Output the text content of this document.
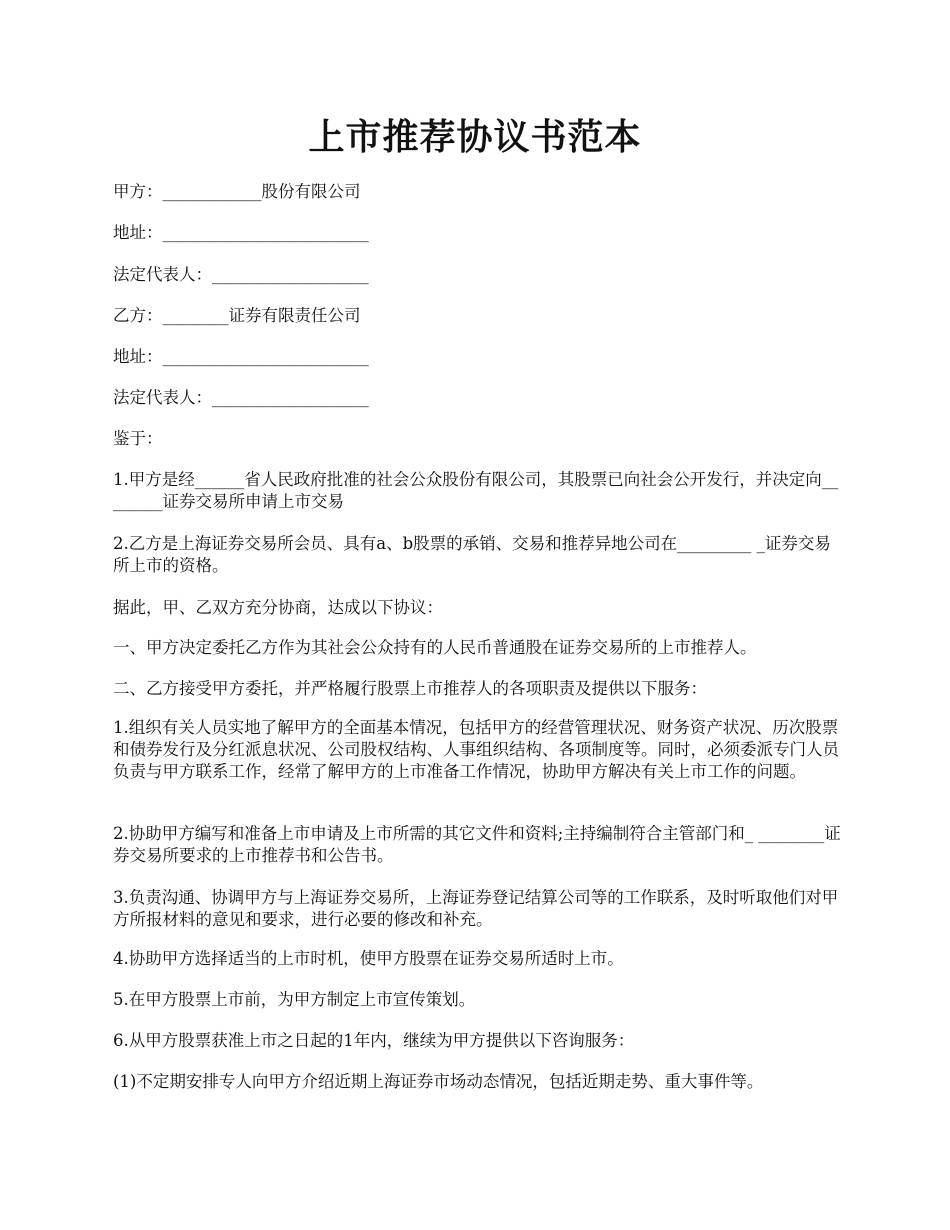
上市推荐协议书范本

甲方：____________股份有限公司

地址：_________________________

法定代表人：___________________

乙方：________证券有限责任公司

地址：_________________________

法定代表人：___________________

鉴于：

1.甲方是经______省人民政府批准的社会公众股份有限公司，其股票已向社会公开发行，并决定向________证券交易所申请上市交易

2.乙方是上海证券交易所会员、具有a、b股票的承销、交易和推荐异地公司在_________ _证券交易所上市的资格。

据此，甲、乙双方充分协商，达成以下协议：

一、甲方决定委托乙方作为其社会公众持有的人民币普通股在证券交易所的上市推荐人。

二、乙方接受甲方委托，并严格履行股票上市推荐人的各项职责及提供以下服务：

1.组织有关人员实地了解甲方的全面基本情况，包括甲方的经营管理状况、财务资产状况、历次股票和债券发行及分红派息状况、公司股权结构、人事组织结构、各项制度等。同时，必须委派专门人员负责与甲方联系工作，经常了解甲方的上市准备工作情况，协助甲方解决有关上市工作的问题。

2.协助甲方编写和准备上市申请及上市所需的其它文件和资料;主持编制符合主管部门和_ ________证券交易所要求的上市推荐书和公告书。

3.负责沟通、协调甲方与上海证券交易所，上海证券登记结算公司等的工作联系，及时听取他们对甲方所报材料的意见和要求，进行必要的修改和补充。

4.协助甲方选择适当的上市时机，使甲方股票在证券交易所适时上市。

5.在甲方股票上市前，为甲方制定上市宣传策划。

6.从甲方股票获准上市之日起的1年内，继续为甲方提供以下咨询服务：

(1)不定期安排专人向甲方介绍近期上海证券市场动态情况，包括近期走势、重大事件等。
